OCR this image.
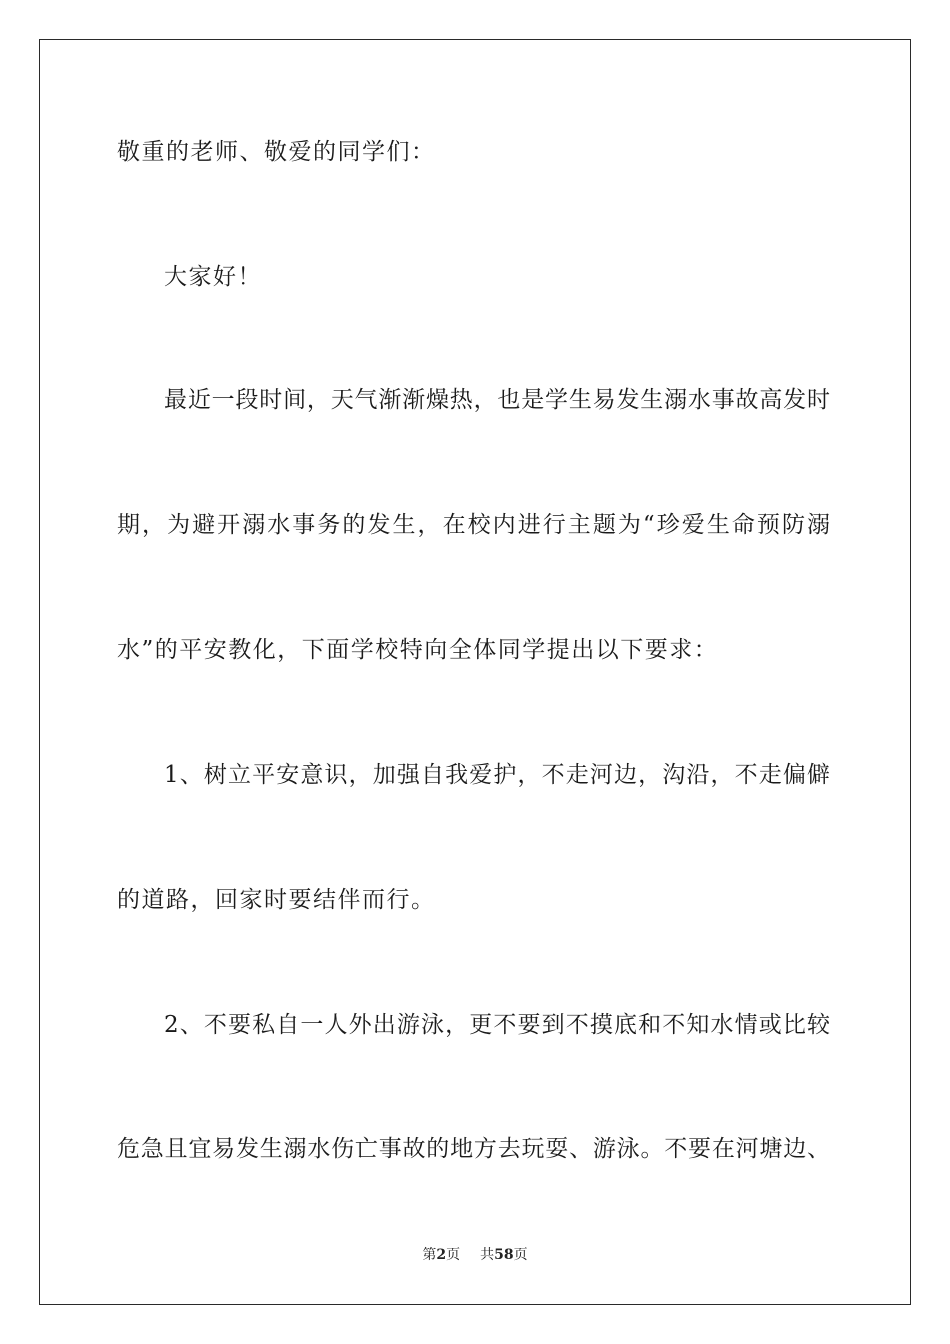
敬重的老师、敬爱的同学们：
大家好！
最近一段时间，天气渐渐燥热，也是学生易发生溺水事故高发时
期，为避开溺水事务的发生，在校内进行主题为“珍爱生命预防溺
水”的平安教化，下面学校特向全体同学提出以下要求：
1、树立平安意识，加强自我爱护，不走河边，沟沿，不走偏僻
的道路，回家时要结伴而行。
2、不要私自一人外出游泳，更不要到不摸底和不知水情或比较
危急且宜易发生溺水伤亡事故的地方去玩耍、游泳。不要在河塘边、
第2页 共58页
